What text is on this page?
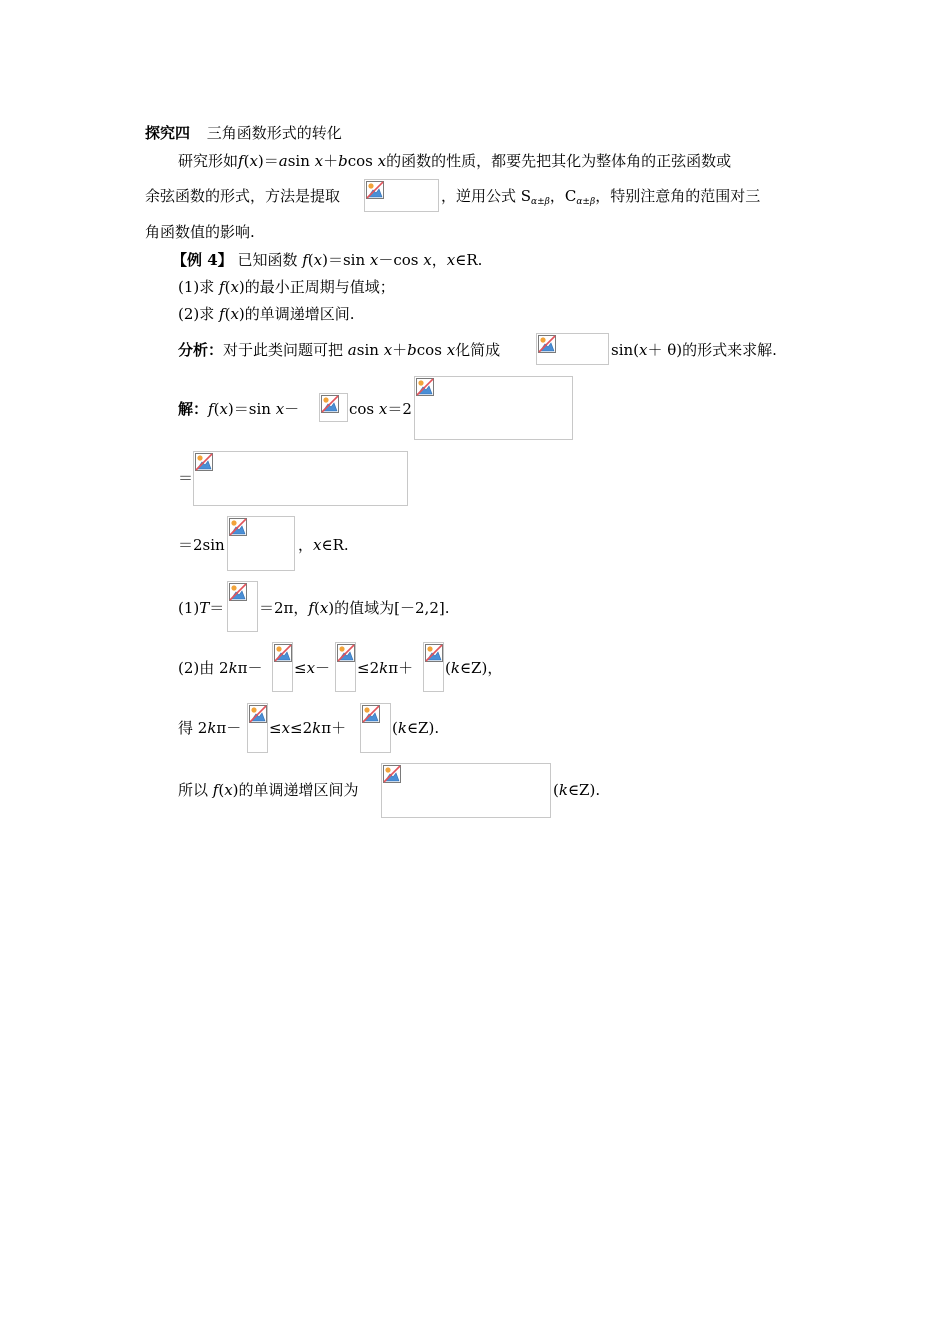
探究四 三角函数形式的转化
研究形如f(x)＝asin x＋bcos x的函数的性质，都要先把其化为整体角的正弦函数或
余弦函数的形式，方法是提取	，逆用公式 $S_{\alpha\pm\beta}$，$C_{\alpha\pm\beta}$，特别注意角的范围对三
角函数值的影响.
【例 4】 已知函数 f(x)＝sin x－cos x，x∈R.
(1)求 f(x)的最小正周期与值域；
(2)求 f(x)的单调递增区间.
分析：对于此类问题可把 asin x＋bcos x化简成	sin(x＋ θ)的形式来求解.
解：f(x)＝sin x－	cos x＝2
＝
＝2sin	，x∈R.
(1)T＝ ＝2π，f(x)的值域为[－2,2].
(2)由 2kπ－ ≤x－ ≤2kπ＋ (k∈Z)，
得 2kπ－ ≤x≤2kπ＋	(k∈Z).
所以 f(x)的单调递增区间为	(k∈Z).
